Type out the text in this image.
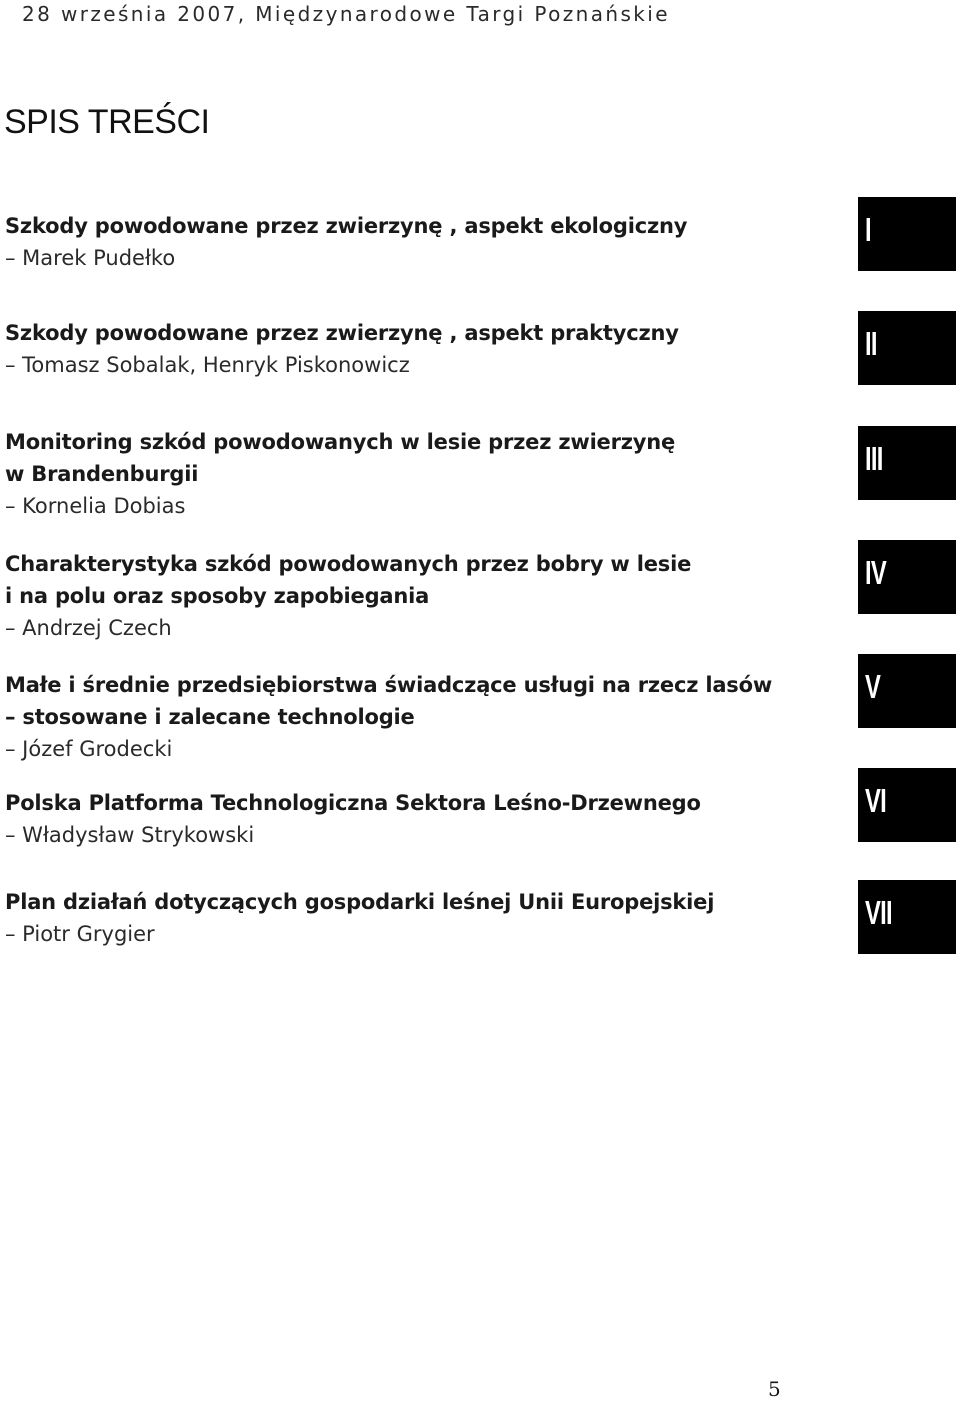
28 września 2007, Międzynarodowe Targi Poznańskie
SPIS TREŚCI
Szkody powodowane przez zwierzynę , aspekt ekologiczny
– Marek Pudełko
I
Szkody powodowane przez zwierzynę , aspekt praktyczny
– Tomasz Sobalak, Henryk Piskonowicz
II
Monitoring szkód powodowanych w lesie przez zwierzynę
w Brandenburgii
– Kornelia Dobias
III
Charakterystyka szkód powodowanych przez bobry w lesie
i na polu oraz sposoby zapobiegania
– Andrzej Czech
IV
Małe i średnie przedsiębiorstwa świadczące usługi na rzecz lasów
– stosowane i zalecane technologie
– Józef Grodecki
V
Polska Platforma Technologiczna Sektora Leśno-Drzewnego
– Władysław Strykowski
VI
Plan działań dotyczących gospodarki leśnej Unii Europejskiej
– Piotr Grygier
VII
5
